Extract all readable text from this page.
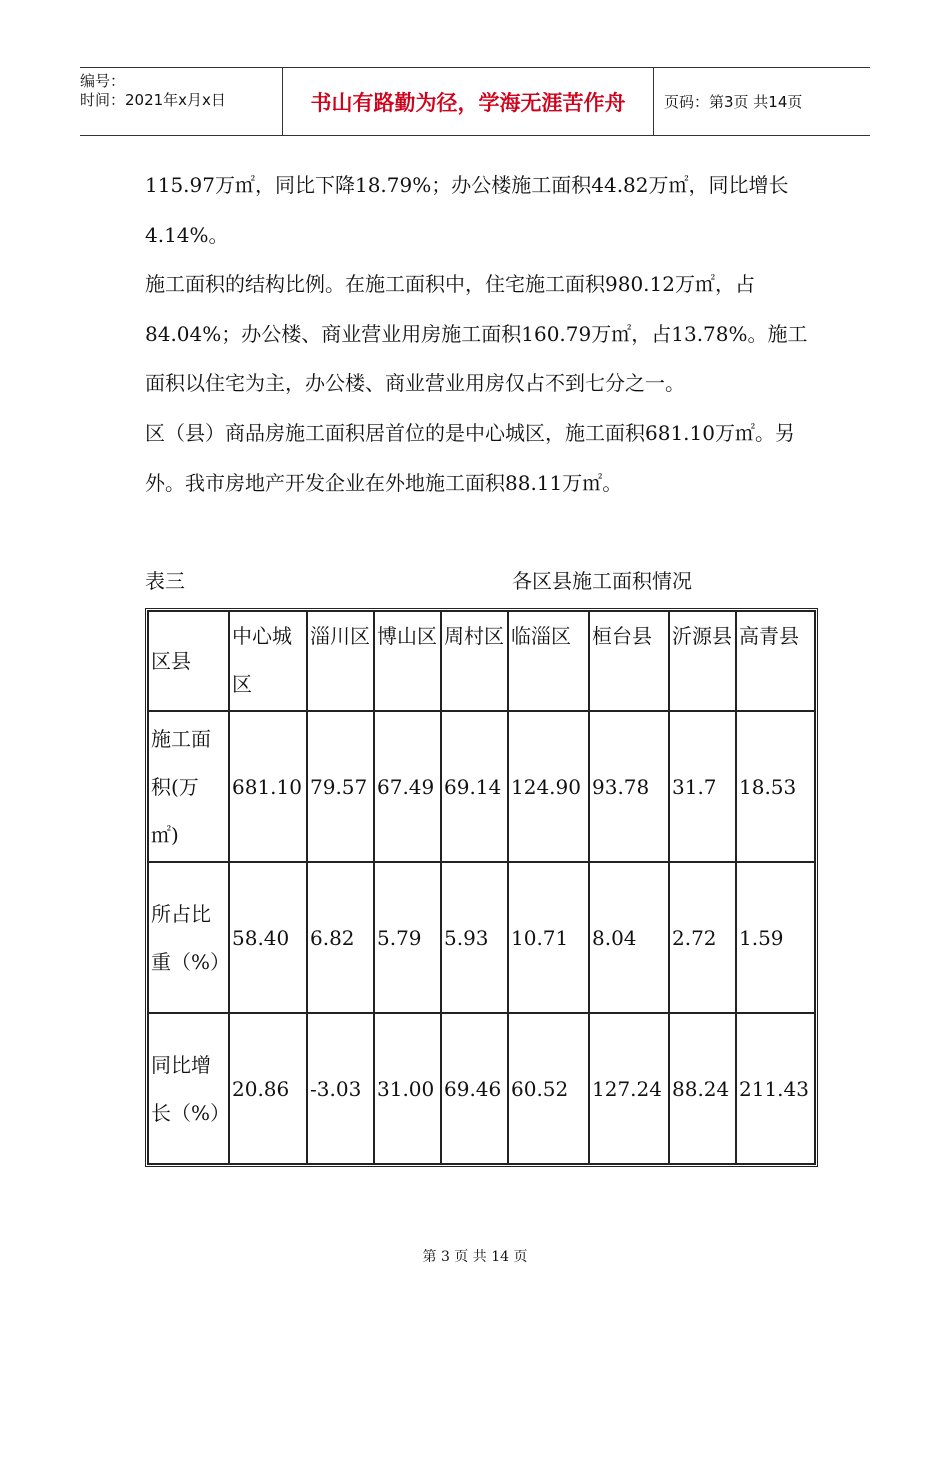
编号：
时间：2021年x月x日	书山有路勤为径，学海无涯苦作舟	页码：第3页 共14页

115.97万㎡，同比下降18.79%；办公楼施工面积44.82万㎡，同比增长4.14%。

施工面积的结构比例。在施工面积中，住宅施工面积980.12万㎡，占84.04%；办公楼、商业营业用房施工面积160.79万㎡，占13.78%。施工面积以住宅为主，办公楼、商业营业用房仅占不到七分之一。

区（县）商品房施工面积居首位的是中心城区，施工面积681.10万㎡。另外。我市房地产开发企业在外地施工面积88.11万㎡。

表三	各区县施工面积情况
区县	中心城区	淄川区	博山区	周村区	临淄区	桓台县	沂源县	高青县
施工面积(万㎡)	681.10	79.57	67.49	69.14	124.90	93.78	31.7	18.53
所占比重（%）	58.40	6.82	5.79	5.93	10.71	8.04	2.72	1.59
同比增长（%）	20.86	-3.03	31.00	69.46	60.52	127.24	88.24	211.43
第 3 页 共 14 页
